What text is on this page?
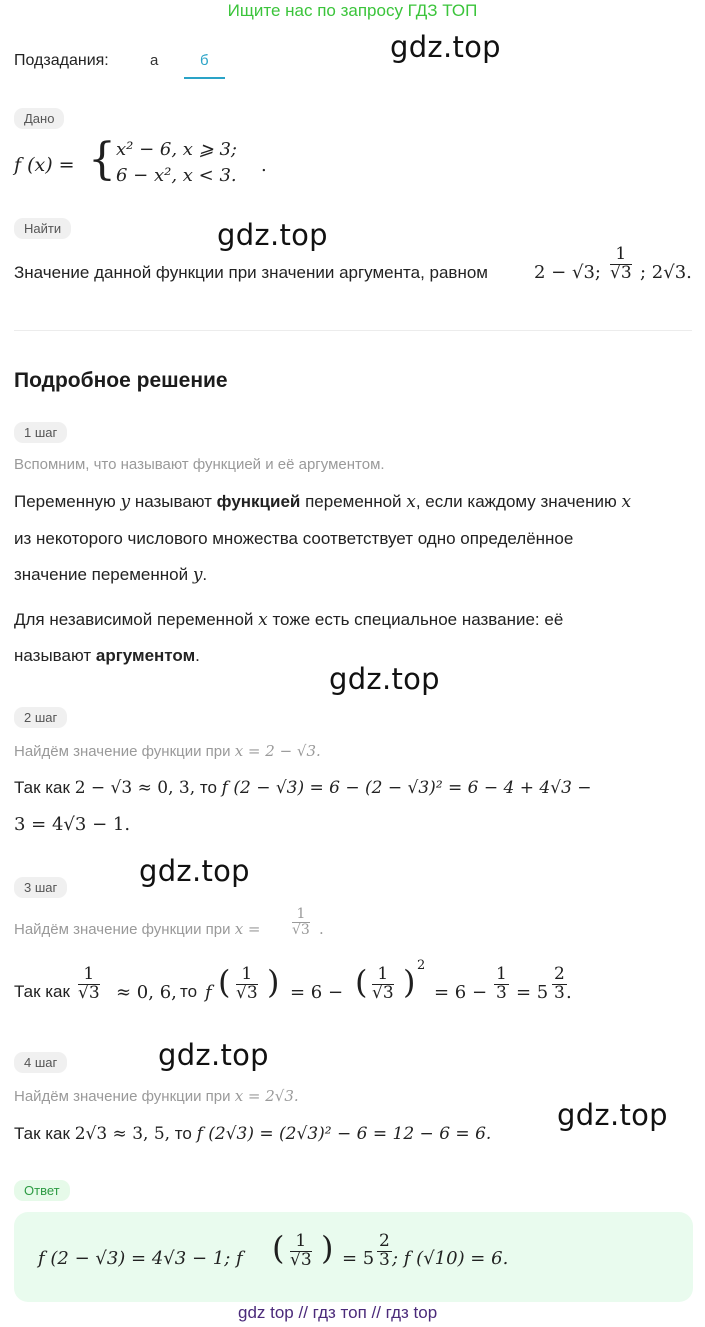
Ищите нас по запросу ГДЗ ТОП
gdz.top
gdz.top
gdz.top
gdz.top
gdz.top
gdz.top
Подзадания:	а	б
Дано
f (x) = { x² − 6, x ⩾ 3;
6 − x², x < 3. .
Найти
Значение данной функции при значении аргумента, равном	2 − √3; $\frac{1}{√3}$ ; 2√3.
Подробное решение
1 шаг
Вспомним, что называют функцией и её аргументом.
Переменную y называют функцией переменной x, если каждому значению x
из некоторого числового множества соответствует одно определённое
значение переменной y.
Для независимой переменной x тоже есть специальное название: её
называют аргументом.
2 шаг
Найдём значение функции при x = 2 − √3.
Так как 2 − √3 ≈ 0, 3, то f (2 − √3) = 6 − (2 − √3)² = 6 − 4 + 4√3 −
3 = 4√3 − 1.
3 шаг
Найдём значение функции при $x = \frac{1}{√3}$ .
Так как $\frac{1}{√3} \approx 0$, 6, то f ( $\frac{1}{√3}$ ) = 6 − ( $\frac{1}{√3}$ ) 2
= $6 - \frac{1}{3} = 5 \frac{2}{3}$ .
4 шаг
Найдём значение функции при x = 2√3.
Так как 2√3 ≈ 3, 5, то f (2√3) = (2√3)² − 6 = 12 − 6 = 6.
Ответ
f (2 − √3) = 4√3 − 1; f ( $\frac{1}{√3}$ ) = $5 \frac{2}{3}$ ; f (√10) = 6.
gdz top // гдз топ // гдз top
